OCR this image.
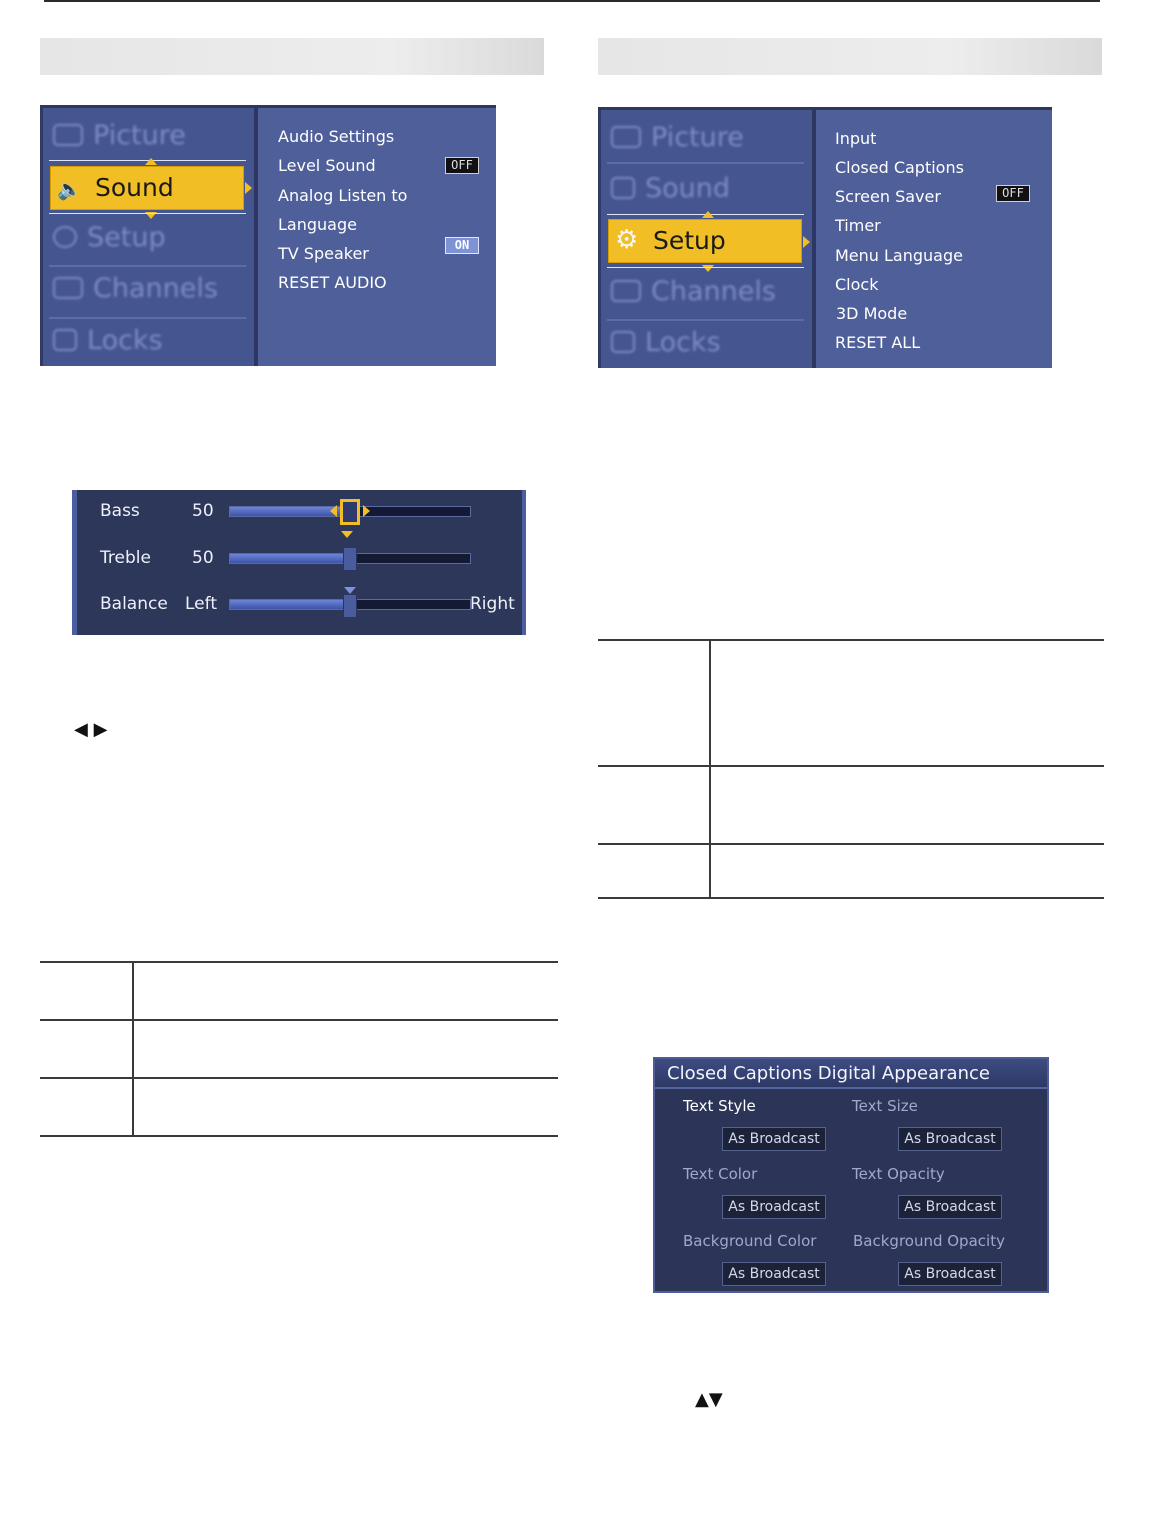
Picture
🔈 Sound
Setup
Channels
Locks
Audio Settings
Level Sound	OFF
Analog Listen to
Language
TV Speaker	ON
RESET AUDIO
Picture
Sound
⚙ Setup
Channels
Locks
Input
Closed Captions
Screen Saver	OFF
Timer
Menu Language
Clock
3D Mode
RESET ALL
Bass	50
Treble 50
Balance Left	Right
◀ ▶
▲▼
Closed Captions Digital Appearance
Text Style	Text Size
As Broadcast	As Broadcast
Text Color	Text Opacity
As Broadcast	As Broadcast
Background Color Background Opacity
As Broadcast	As Broadcast
